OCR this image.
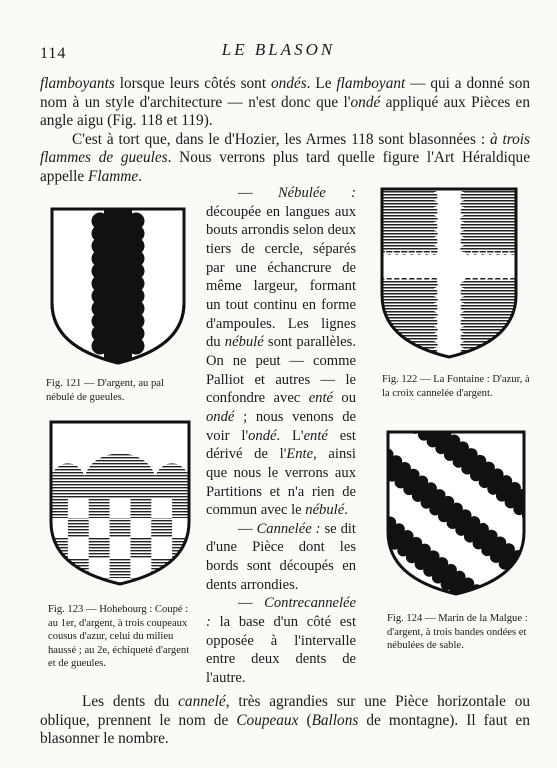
114	LE BLASON

flamboyants lorsque leurs côtés sont ondés. Le flamboyant — qui a donné son nom à un style d'architecture — n'est donc que l'ondé appliqué aux Pièces en angle aigu (Fig. 118 et 119).

C'est à tort que, dans le d'Hozier, les Armes 118 sont blasonnées : à trois flammes de gueules. Nous verrons plus tard quelle figure l'Art Héraldique appelle Flamme.

Fig. 121 — D'argent, au pal nébulé de gueules.
Fig. 122 — La Fontaine : D'azur, à la croix cannelée d'argent.
Fig. 123 — Hohebourg : Coupé : au 1er, d'argent, à trois coupeaux cousus d'azur, celui du milieu haussé ; au 2e, échiqueté d'argent et de gueules.
Fig. 124 — Marin de la Malgue : d'argent, à trois bandes ondées et nébulées de sable.

— Nébulée : découpée en langues aux bouts arrondis selon deux tiers de cercle, séparés par une échancrure de même largeur, formant un tout continu en forme d'ampoules. Les lignes du nébulé sont parallèles. On ne peut — comme Palliot et autres — le confondre avec enté ou ondé ; nous venons de voir l'ondé. L'enté est dérivé de l'Ente, ainsi que nous le verrons aux Partitions et n'a rien de commun avec le nébulé.

— Cannelée : se dit d'une Pièce dont les bords sont découpés en dents arrondies.

— Contrecannelée : la base d'un côté est opposée à l'intervalle entre deux dents de l'autre.

Les dents du cannelé, très agrandies sur une Pièce horizontale ou oblique, prennent le nom de Coupeaux (Ballons de montagne). Il faut en blasonner le nombre.
